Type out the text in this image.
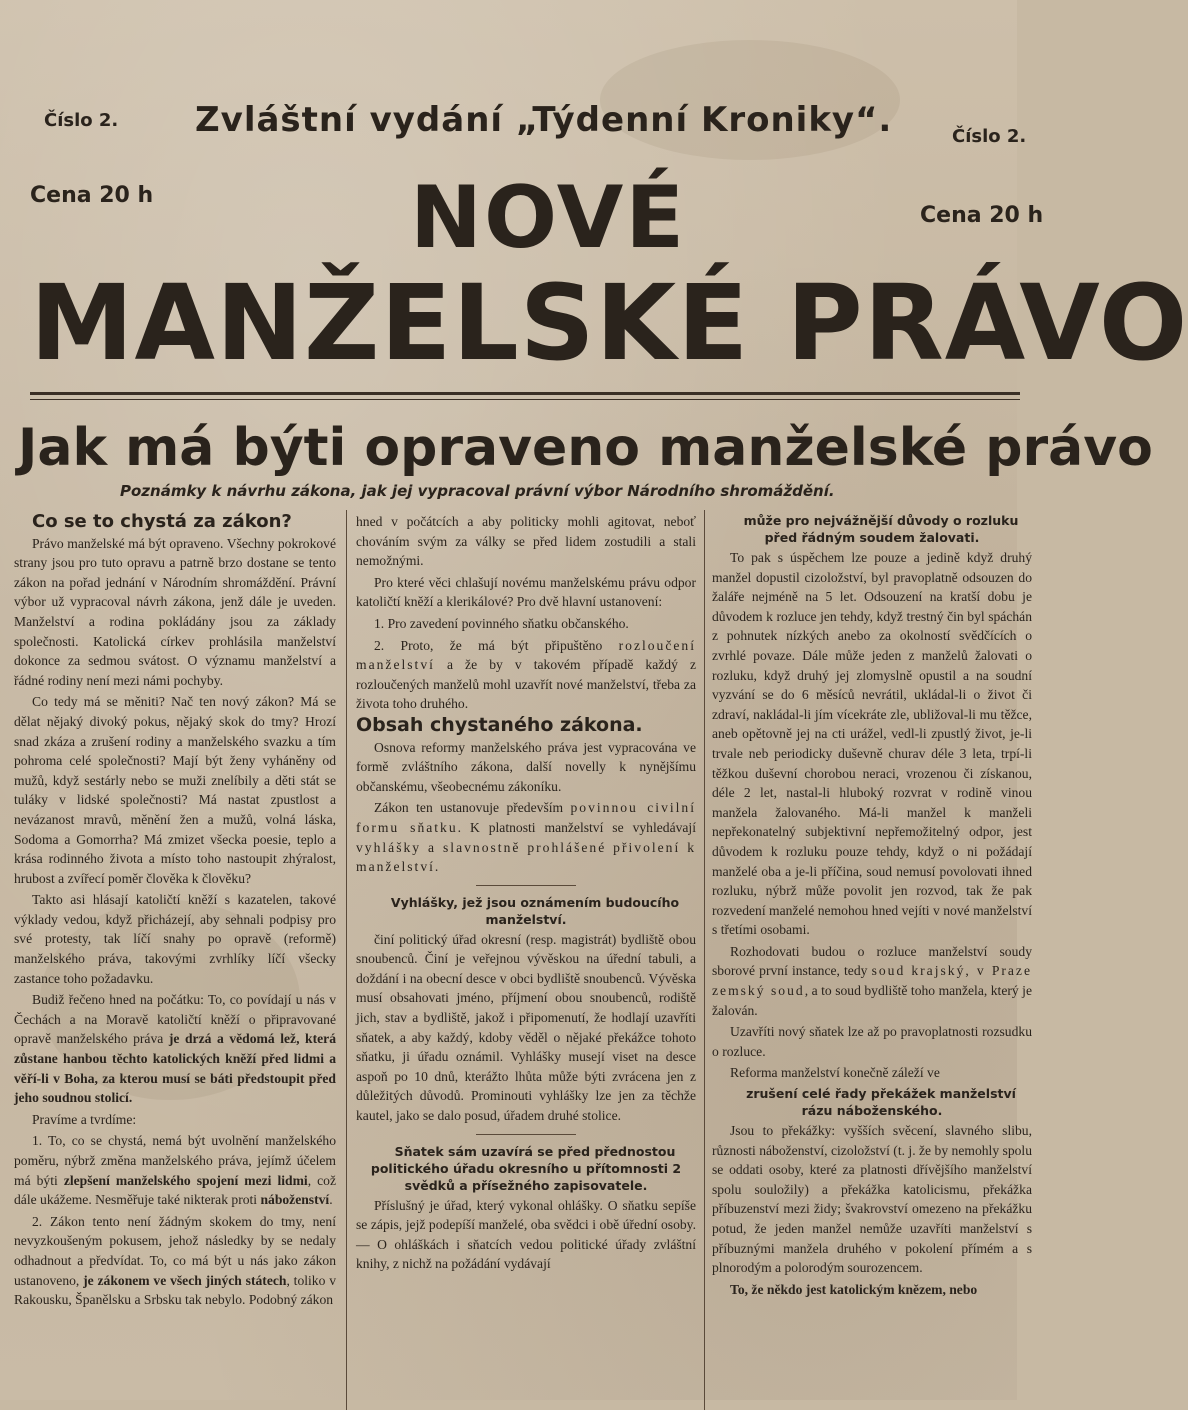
Číslo 2. Zvláštní vydání „Týdenní Kroniky“.	Číslo 2.
Cena 20 h	NOVÉ	Cena 20 h
MANŽELSKÉ PRÁVO
Jak má býti opraveno manželské právo
Poznámky k návrhu zákona, jak jej vypracoval právní výbor Národního shromáždění.

Co se to chystá za zákon?

Právo manželské má být opraveno. Všechny pokrokové strany jsou pro tuto opravu a patrně brzo dostane se tento zákon na pořad jednání v Národním shromáždění. Právní výbor už vypracoval návrh zákona, jenž dále je uveden. Manželství a rodina pokládány jsou za základy společnosti. Katolická církev prohlásila manželství dokonce za sedmou svátost. O významu manželství a řádné rodiny není mezi námi pochyby.

Co tedy má se měniti? Nač ten nový zákon? Má se dělat nějaký divoký pokus, nějaký skok do tmy? Hrozí snad zkáza a zrušení rodiny a manželského svazku a tím pohroma celé společnosti? Mají být ženy vyháněny od mužů, když sestárly nebo se muži znelíbily a děti stát se tuláky v lidské společnosti? Má nastat zpustlost a nevázanost mravů, měnění žen a mužů, volná láska, Sodoma a Gomorrha? Má zmizet všecka poesie, teplo a krása rodinného života a místo toho nastoupit zhýralost, hrubost a zvířecí poměr člověka k člověku?

Takto asi hlásají katoličtí kněží s kazatelen, takové výklady vedou, když přicházejí, aby sehnali podpisy pro své protesty, tak líčí snahy po opravě (reformě) manželského práva, takovými zvrhlíky líčí všecky zastance toho požadavku.

Budiž řečeno hned na počátku: To, co povídají u nás v Čechách a na Moravě katoličtí kněží o připravované opravě manželského práva je drzá a vědomá lež, která zůstane hanbou těchto katolických kněží před lidmi a věří-li v Boha, za kterou musí se báti předstoupit před jeho soudnou stolicí.

Pravíme a tvrdíme:

1. To, co se chystá, nemá být uvolnění manželského poměru, nýbrž změna manželského práva, jejímž účelem má býti zlepšení manželského spojení mezi lidmi, což dále ukážeme. Nesměřuje také nikterak proti náboženství.

2. Zákon tento není žádným skokem do tmy, není nevyzkoušeným pokusem, jehož následky by se nedaly odhadnout a předvídat. To, co má být u nás jako zákon ustanoveno, je zákonem ve všech jiných státech, toliko v Rakousku, Španělsku a Srbsku tak nebylo. Podobný zákon

hned v počátcích a aby politicky mohli agitovat, neboť chováním svým za války se před lidem zostudili a stali nemožnými.

Pro které věci chlašují novému manželskému právu odpor katoličtí kněží a klerikálové? Pro dvě hlavní ustanovení:

1. Pro zavedení povinného sňatku občanského.

2. Proto, že má být připuštěno rozloučení manželství a že by v takovém případě každý z rozloučených manželů mohl uzavřít nové manželství, třeba za života toho druhého.

Obsah chystaného zákona.

Osnova reformy manželského práva jest vypracována ve formě zvláštního zákona, další novelly k nynějšímu občanskému, všeobecnému zákoníku.

Zákon ten ustanovuje především povinnou civilní formu sňatku. K platnosti manželství se vyhledávají vyhlášky a slavnostně prohlášené přivolení k manželství.

Vyhlášky, jež jsou oznámením budoucího manželství.

činí politický úřad okresní (resp. magistrát) bydliště obou snoubenců. Činí je veřejnou vývěskou na úřední tabuli, a doždání i na obecní desce v obci bydliště snoubenců. Vývěska musí obsahovati jméno, příjmení obou snoubenců, rodiště jich, stav a bydliště, jakož i připomenutí, že hodlají uzavříti sňatek, a aby každý, kdoby věděl o nějaké překážce tohoto sňatku, ji úřadu oznámil. Vyhlášky musejí viset na desce aspoň po 10 dnů, kterážto lhůta může býti zvrácena jen z důležitých důvodů. Prominouti vyhlášky lze jen za těchže kautel, jako se dalo posud, úřadem druhé stolice.

Sňatek sám uzavírá se před přednostou politického úřadu okresního u přítomnosti 2 svědků a přísežného zapisovatele.

Příslušný je úřad, který vykonal ohlášky. O sňatku sepíše se zápis, jejž podepíší manželé, oba svědci i obě úřední osoby. — O ohláškách i sňatcích vedou politické úřady zvláštní knihy, z nichž na požádání vydávají

může pro nejvážnější důvody o rozluku před řádným soudem žalovati.

To pak s úspěchem lze pouze a jedině když druhý manžel dopustil cizoložství, byl pravoplatně odsouzen do žaláře nejméně na 5 let. Odsouzení na kratší dobu je důvodem k rozluce jen tehdy, když trestný čin byl spáchán z pohnutek nízkých anebo za okolností svědčících o zvrhlé povaze. Dále může jeden z manželů žalovati o rozluku, když druhý jej zlomyslně opustil a na soudní vyzvání se do 6 měsíců nevrátil, ukládal-li o život či zdraví, nakládal-li jím vícekráte zle, ubližoval-li mu těžce, aneb opětovně jej na cti urážel, vedl-li zpustlý život, je-li trvale neb periodicky duševně churav déle 3 leta, trpí-li těžkou duševní chorobou neraci, vrozenou či získanou, déle 2 let, nastal-li hluboký rozvrat v rodině vinou manžela žalovaného. Má-li manžel k manželi nepřekonatelný subjektivní nepřemožitelný odpor, jest důvodem k rozluku pouze tehdy, když o ni požádají manželé oba a je-li příčina, soud nemusí povolovati ihned rozluku, nýbrž může povolit jen rozvod, tak že pak rozvedení manželé nemohou hned vejíti v nové manželství s třetími osobami.

Rozhodovati budou o rozluce manželství soudy sborové první instance, tedy soud krajský, v Praze zemský soud, a to soud bydliště toho manžela, který je žalován.

Uzavříti nový sňatek lze až po pravoplatnosti rozsudku o rozluce.

Reforma manželství konečně záleží ve

zrušení celé řady překážek manželství rázu náboženského.

Jsou to překážky: vyšších svěcení, slavného slibu, různosti náboženství, cizoložství (t. j. že by nemohly spolu se oddati osoby, které za platnosti dřívějšího manželství spolu souložily) a překážka katolicismu, překážka příbuzenství mezi židy; švakrovství omezeno na překážku potud, že jeden manžel nemůže uzavříti manželství s příbuznými manžela druhého v pokolení přímém a s plnorodým a polorodým sourozencem.

To, že někdo jest katolickým knězem, nebo
